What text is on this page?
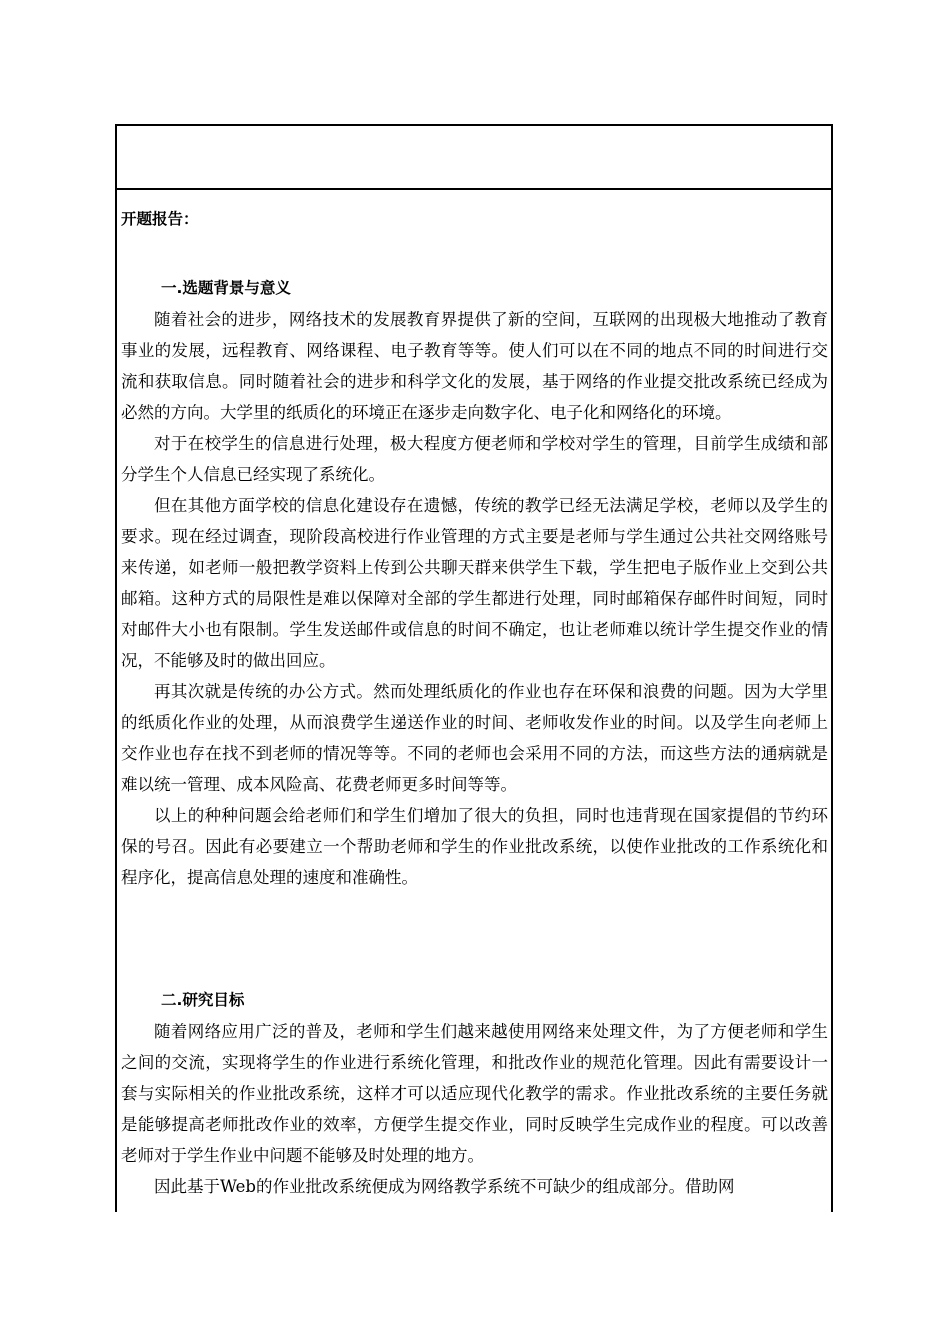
开题报告：
一.选题背景与意义

随着社会的进步，网络技术的发展教育界提供了新的空间，互联网的出现极大地推动了教育事业的发展，远程教育、网络课程、电子教育等等。使人们可以在不同的地点不同的时间进行交流和获取信息。同时随着社会的进步和科学文化的发展，基于网络的作业提交批改系统已经成为必然的方向。大学里的纸质化的环境正在逐步走向数字化、电子化和网络化的环境。

对于在校学生的信息进行处理，极大程度方便老师和学校对学生的管理，目前学生成绩和部分学生个人信息已经实现了系统化。

但在其他方面学校的信息化建设存在遗憾，传统的教学已经无法满足学校，老师以及学生的要求。现在经过调查，现阶段高校进行作业管理的方式主要是老师与学生通过公共社交网络账号来传递，如老师一般把教学资料上传到公共聊天群来供学生下载，学生把电子版作业上交到公共邮箱。这种方式的局限性是难以保障对全部的学生都进行处理，同时邮箱保存邮件时间短，同时对邮件大小也有限制。学生发送邮件或信息的时间不确定，也让老师难以统计学生提交作业的情况，不能够及时的做出回应。

再其次就是传统的办公方式。然而处理纸质化的作业也存在环保和浪费的问题。因为大学里的纸质化作业的处理，从而浪费学生递送作业的时间、老师收发作业的时间。以及学生向老师上交作业也存在找不到老师的情况等等。不同的老师也会采用不同的方法，而这些方法的通病就是难以统一管理、成本风险高、花费老师更多时间等等。

以上的种种问题会给老师们和学生们增加了很大的负担，同时也违背现在国家提倡的节约环保的号召。因此有必要建立一个帮助老师和学生的作业批改系统，以使作业批改的工作系统化和程序化，提高信息处理的速度和准确性。

二.研究目标

随着网络应用广泛的普及，老师和学生们越来越使用网络来处理文件，为了方便老师和学生之间的交流，实现将学生的作业进行系统化管理，和批改作业的规范化管理。因此有需要设计一套与实际相关的作业批改系统，这样才可以适应现代化教学的需求。作业批改系统的主要任务就是能够提高老师批改作业的效率，方便学生提交作业，同时反映学生完成作业的程度。可以改善老师对于学生作业中问题不能够及时处理的地方。

因此基于Web的作业批改系统便成为网络教学系统不可缺少的组成部分。借助网
